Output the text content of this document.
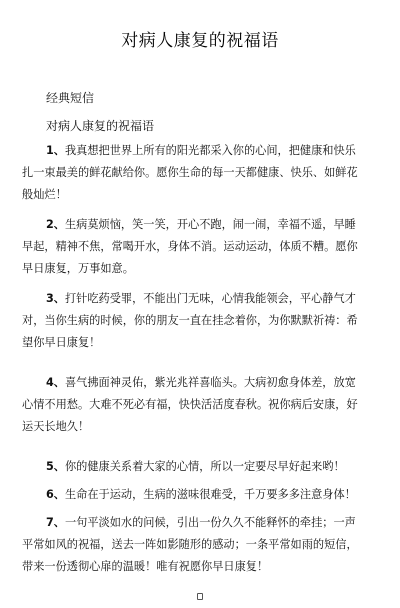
对病人康复的祝福语
经典短信
对病人康复的祝福语
1、我真想把世界上所有的阳光都采入你的心间，把健康和快乐
扎一束最美的鲜花献给你。愿你生命的每一天都健康、快乐、如鲜花
般灿烂！
2、生病莫烦恼，笑一笑，开心不跑，闹一闹，幸福不遥，早睡
早起，精神不焦，常喝开水，身体不消。运动运动，体质不糟。愿你
早日康复，万事如意。
3、打针吃药受罪，不能出门无味，心情我能领会，平心静气才
对，当你生病的时候，你的朋友一直在挂念着你，为你默默祈祷：希
望你早日康复！
4、喜气拂面神灵佑，紫光兆祥喜临头。大病初愈身体差，放宽
心情不用愁。大难不死必有福，快快活活度春秋。祝你病后安康，好
运天长地久！
5、你的健康关系着大家的心情，所以一定要尽早好起来哟！
6、生命在于运动，生病的滋味很难受，千万要多多注意身体！
7、一句平淡如水的问候，引出一份久久不能释怀的牵挂；一声
平常如风的祝福，送去一阵如影随形的感动；一条平常如雨的短信，
带来一份透彻心扉的温暖！唯有祝愿你早日康复！
